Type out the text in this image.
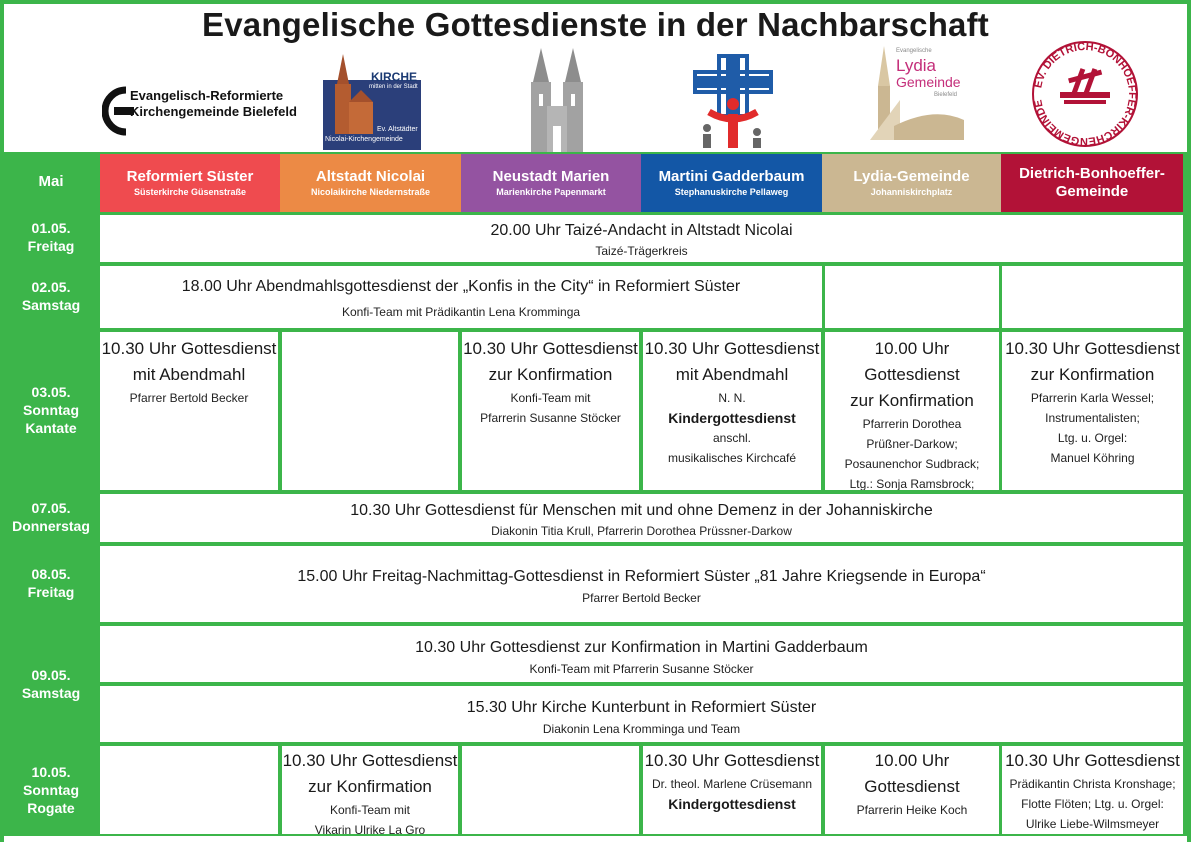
Evangelische Gottesdienste in der Nachbarschaft
Evangelisch-Reformierte
Kirchengemeinde Bielefeld
KIRCHE
mitten in der Stadt
Ev. Altstädter
Nicolai-Kirchengemeinde
Evangelische
Lydia
Gemeinde
Bielefeld
EV. DIETRICH-BONHOEFFER-KIRCHENGEMEINDE
Mai	Reformiert Süster
Süsterkirche Güsenstraße
Altstadt Nicolai
Nicolaikirche Niedernstraße
Neustadt Marien
Marienkirche Papenmarkt
Martini Gadderbaum
Stephanuskirche Pellaweg
Lydia-Gemeinde
Johanniskirchplatz
Dietrich-Bonhoeffer-
Gemeinde
01.05.
Freitag
20.00 Uhr Taizé-Andacht in Altstadt Nicolai
Taizé-Trägerkreis
02.05.
Samstag
18.00 Uhr Abendmahlsgottesdienst der „Konfis in the City“ in Reformiert Süster
Konfi-Team mit Prädikantin Lena Kromminga
03.05.
Sonntag
Kantate
10.30 Uhr Gottesdienst
mit Abendmahl
Pfarrer Bertold Becker
10.30 Uhr Gottesdienst
zur Konfirmation
Konfi-Team mit
Pfarrerin Susanne Stöcker
10.30 Uhr Gottesdienst
mit Abendmahl
N. N.
Kindergottesdienst
anschl.
musikalisches Kirchcafé
10.00 Uhr Gottesdienst
zur Konfirmation
Pfarrerin Dorothea
Prüßner-Darkow;
Posaunenchor Sudbrack;
Ltg.: Sonja Ramsbrock;
10.30 Uhr Gottesdienst
zur Konfirmation
Pfarrerin Karla Wessel;
Instrumentalisten;
Ltg. u. Orgel:
Manuel Köhring
07.05.
Donnerstag
10.30 Uhr Gottesdienst für Menschen mit und ohne Demenz in der Johanniskirche
Diakonin Titia Krull, Pfarrerin Dorothea Prüssner-Darkow
08.05.
Freitag
15.00 Uhr Freitag-Nachmittag-Gottesdienst in Reformiert Süster „81 Jahre Kriegsende in Europa“
Pfarrer Bertold Becker
09.05.
Samstag
10.30 Uhr Gottesdienst zur Konfirmation in Martini Gadderbaum
Konfi-Team mit Pfarrerin Susanne Stöcker
15.30 Uhr Kirche Kunterbunt in Reformiert Süster
Diakonin Lena Kromminga und Team
10.05.
Sonntag
Rogate
10.30 Uhr Gottesdienst
zur Konfirmation
Konfi-Team mit
Vikarin Ulrike La Gro
10.30 Uhr Gottesdienst
Dr. theol. Marlene Crüsemann
Kindergottesdienst
10.00 Uhr Gottesdienst
Pfarrerin Heike Koch
10.30 Uhr Gottesdienst
Prädikantin Christa Kronshage;
Flotte Flöten; Ltg. u. Orgel:
Ulrike Liebe-Wilmsmeyer
